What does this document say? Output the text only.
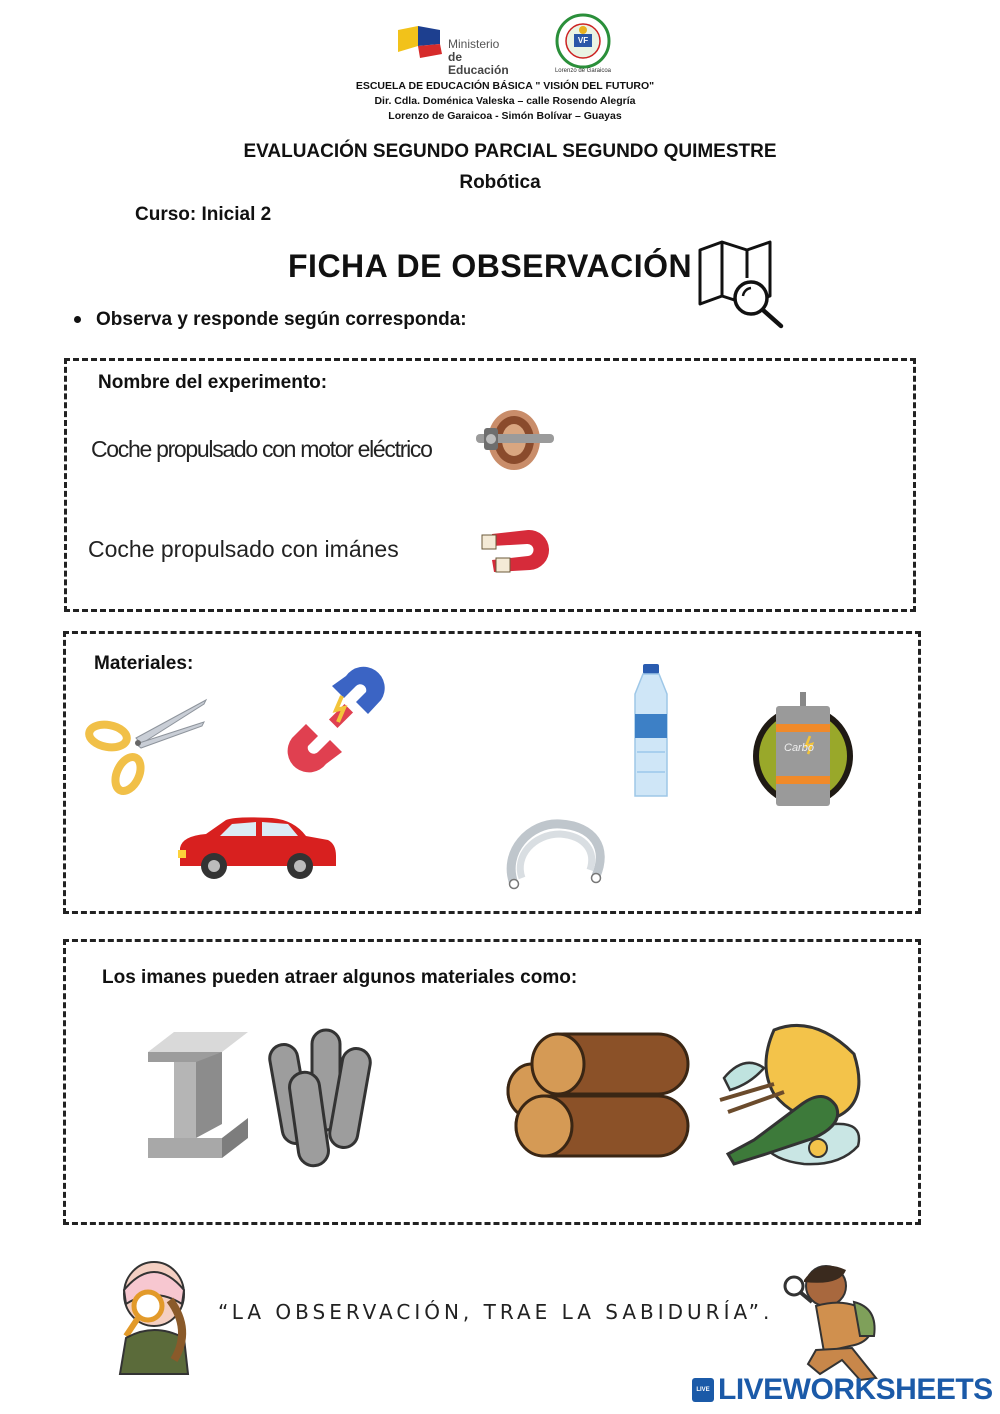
Ministerio
de Educación
VF
Lorenzo de Garaicoa
ESCUELA DE EDUCACIÓN BÁSICA " VISIÓN DEL FUTURO"
Dir. Cdla. Doménica Valeska – calle Rosendo Alegría
Lorenzo de Garaicoa - Simón Bolívar – Guayas
EVALUACIÓN SEGUNDO PARCIAL SEGUNDO QUIMESTRE
Robótica
Curso: Inicial 2
FICHA DE OBSERVACIÓN
Observa y responde según corresponda:
Nombre del experimento:
Coche propulsado con motor eléctrico
Coche propulsado con imánes
Materiales:
Carbo
Los imanes pueden atraer algunos materiales como:
“LA OBSERVACIÓN, TRAE LA SABIDURÍA”.
LIVE LIVEWORKSHEETS
